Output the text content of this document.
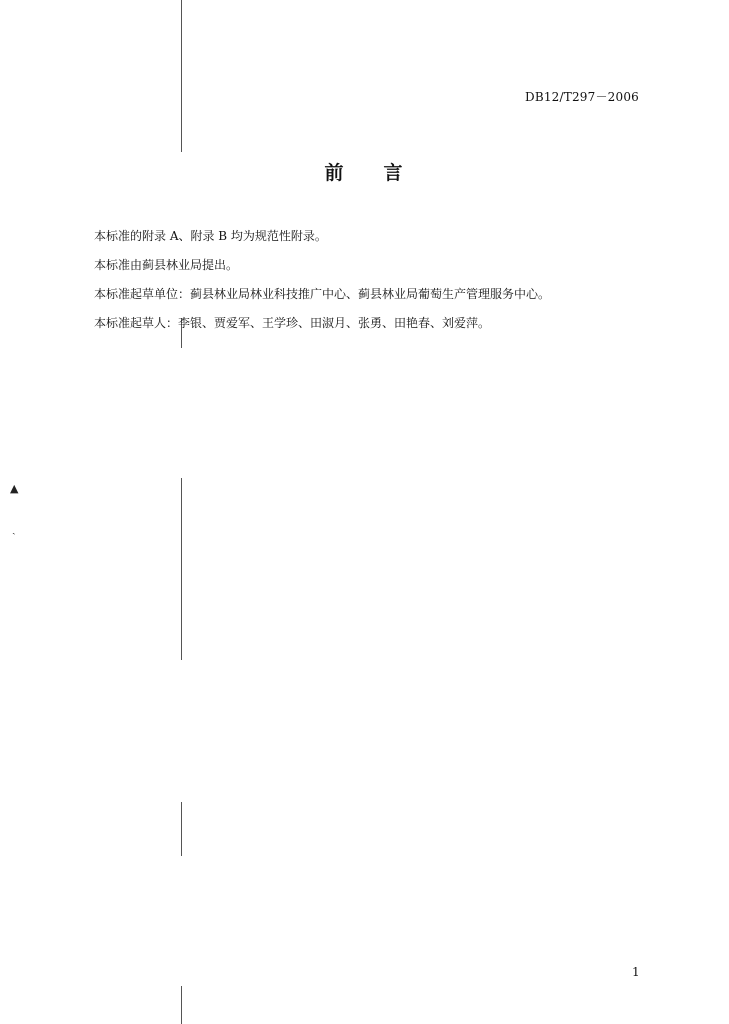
▲
ˎ
DB12/T297－2006
前 言
本标准的附录 A、附录 B 均为规范性附录。
本标准由蓟县林业局提出。
本标准起草单位：蓟县林业局林业科技推广中心、蓟县林业局葡萄生产管理服务中心。
本标准起草人：李银、贾爱军、王学珍、田淑月、张勇、田艳春、刘爱萍。
1
